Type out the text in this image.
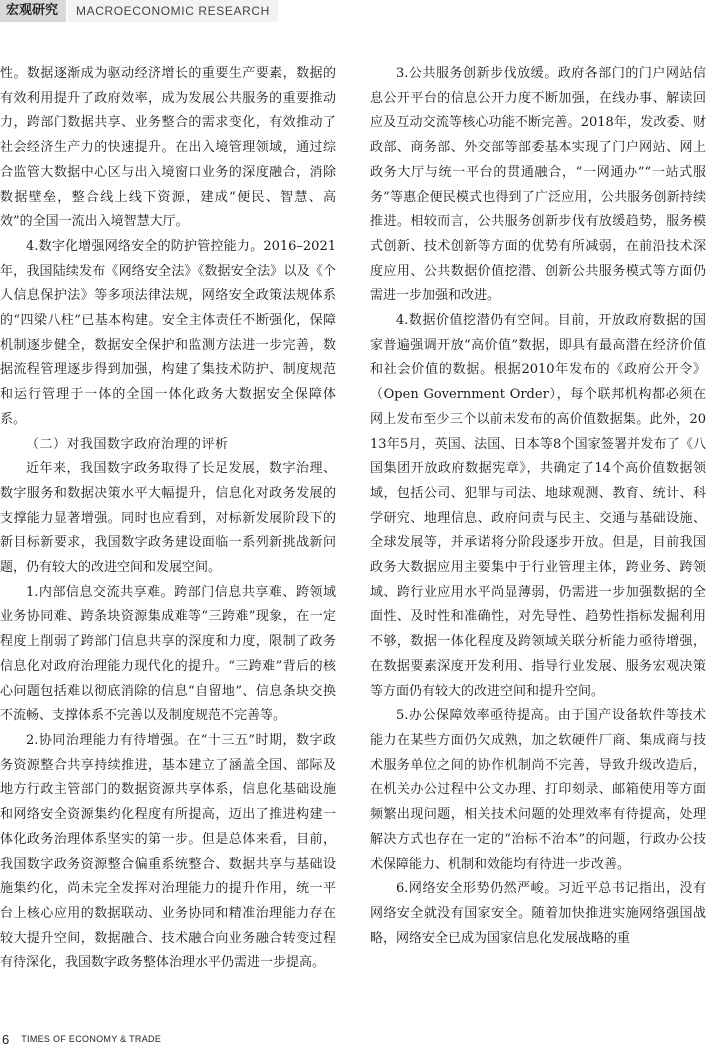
宏观研究	MACROECONOMIC RESEARCH

性。数据逐渐成为驱动经济增长的重要生产要素，数据的有效利用提升了政府效率，成为发展公共服务的重要推动力，跨部门数据共享、业务整合的需求变化，有效推动了社会经济生产力的快速提升。在出入境管理领域，通过综合监管大数据中心区与出入境窗口业务的深度融合，消除数据壁垒，整合线上线下资源，建成“便民、智慧、高效”的全国一流出入境智慧大厅。

4.数字化增强网络安全的防护管控能力。2016–2021年，我国陆续发布《网络安全法》《数据安全法》以及《个人信息保护法》等多项法律法规，网络安全政策法规体系的“四梁八柱”已基本构建。安全主体责任不断强化，保障机制逐步健全，数据安全保护和监测方法进一步完善，数据流程管理逐步得到加强，构建了集技术防护、制度规范和运行管理于一体的全国一体化政务大数据安全保障体系。

（二）对我国数字政府治理的评析

近年来，我国数字政务取得了长足发展，数字治理、数字服务和数据决策水平大幅提升，信息化对政务发展的支撑能力显著增强。同时也应看到，对标新发展阶段下的新目标新要求，我国数字政务建设面临一系列新挑战新问题，仍有较大的改进空间和发展空间。

1.内部信息交流共享难。跨部门信息共享难、跨领域业务协同难、跨条块资源集成难等“三跨难”现象，在一定程度上削弱了跨部门信息共享的深度和力度，限制了政务信息化对政府治理能力现代化的提升。“三跨难”背后的核心问题包括难以彻底消除的信息“自留地”、信息条块交换不流畅、支撑体系不完善以及制度规范不完善等。

2.协同治理能力有待增强。在“十三五”时期，数字政务资源整合共享持续推进，基本建立了涵盖全国、部际及地方行政主管部门的数据资源共享体系，信息化基础设施和网络安全资源集约化程度有所提高，迈出了推进构建一体化政务治理体系坚实的第一步。但是总体来看，目前，我国数字政务资源整合偏重系统整合、数据共享与基础设施集约化，尚未完全发挥对治理能力的提升作用，统一平台上核心应用的数据联动、业务协同和精准治理能力存在较大提升空间，数据融合、技术融合向业务融合转变过程有待深化，我国数字政务整体治理水平仍需进一步提高。

3.公共服务创新步伐放缓。政府各部门的门户网站信息公开平台的信息公开力度不断加强，在线办事、解读回应及互动交流等核心功能不断完善。2018年，发改委、财政部、商务部、外交部等部委基本实现了门户网站、网上政务大厅与统一平台的贯通融合，“一网通办”“一站式服务”等惠企便民模式也得到了广泛应用，公共服务创新持续推进。相较而言，公共服务创新步伐有放缓趋势，服务模式创新、技术创新等方面的优势有所减弱，在前沿技术深度应用、公共数据价值挖潜、创新公共服务模式等方面仍需进一步加强和改进。

4.数据价值挖潜仍有空间。目前，开放政府数据的国家普遍强调开放“高价值”数据，即具有最高潜在经济价值和社会价值的数据。根据2010年发布的《政府公开令》（Open Government Order），每个联邦机构都必须在网上发布至少三个以前未发布的高价值数据集。此外，2013年5月，英国、法国、日本等8个国家签署并发布了《八国集团开放政府数据宪章》，共确定了14个高价值数据领域，包括公司、犯罪与司法、地球观测、教育、统计、科学研究、地理信息、政府问责与民主、交通与基础设施、全球发展等，并承诺将分阶段逐步开放。但是，目前我国政务大数据应用主要集中于行业管理主体，跨业务、跨领域、跨行业应用水平尚显薄弱，仍需进一步加强数据的全面性、及时性和准确性，对先导性、趋势性指标发掘利用不够，数据一体化程度及跨领域关联分析能力亟待增强，在数据要素深度开发利用、指导行业发展、服务宏观决策等方面仍有较大的改进空间和提升空间。

5.办公保障效率亟待提高。由于国产设备软件等技术能力在某些方面仍欠成熟，加之软硬件厂商、集成商与技术服务单位之间的协作机制尚不完善，导致升级改造后，在机关办公过程中公文办理、打印刻录、邮箱使用等方面频繁出现问题，相关技术问题的处理效率有待提高，处理解决方式也存在一定的“治标不治本”的问题，行政办公技术保障能力、机制和效能均有待进一步改善。

6.网络安全形势仍然严峻。习近平总书记指出，没有网络安全就没有国家安全。随着加快推进实施网络强国战略，网络安全已成为国家信息化发展战略的重

6 TIMES OF ECONOMY & TRADE
